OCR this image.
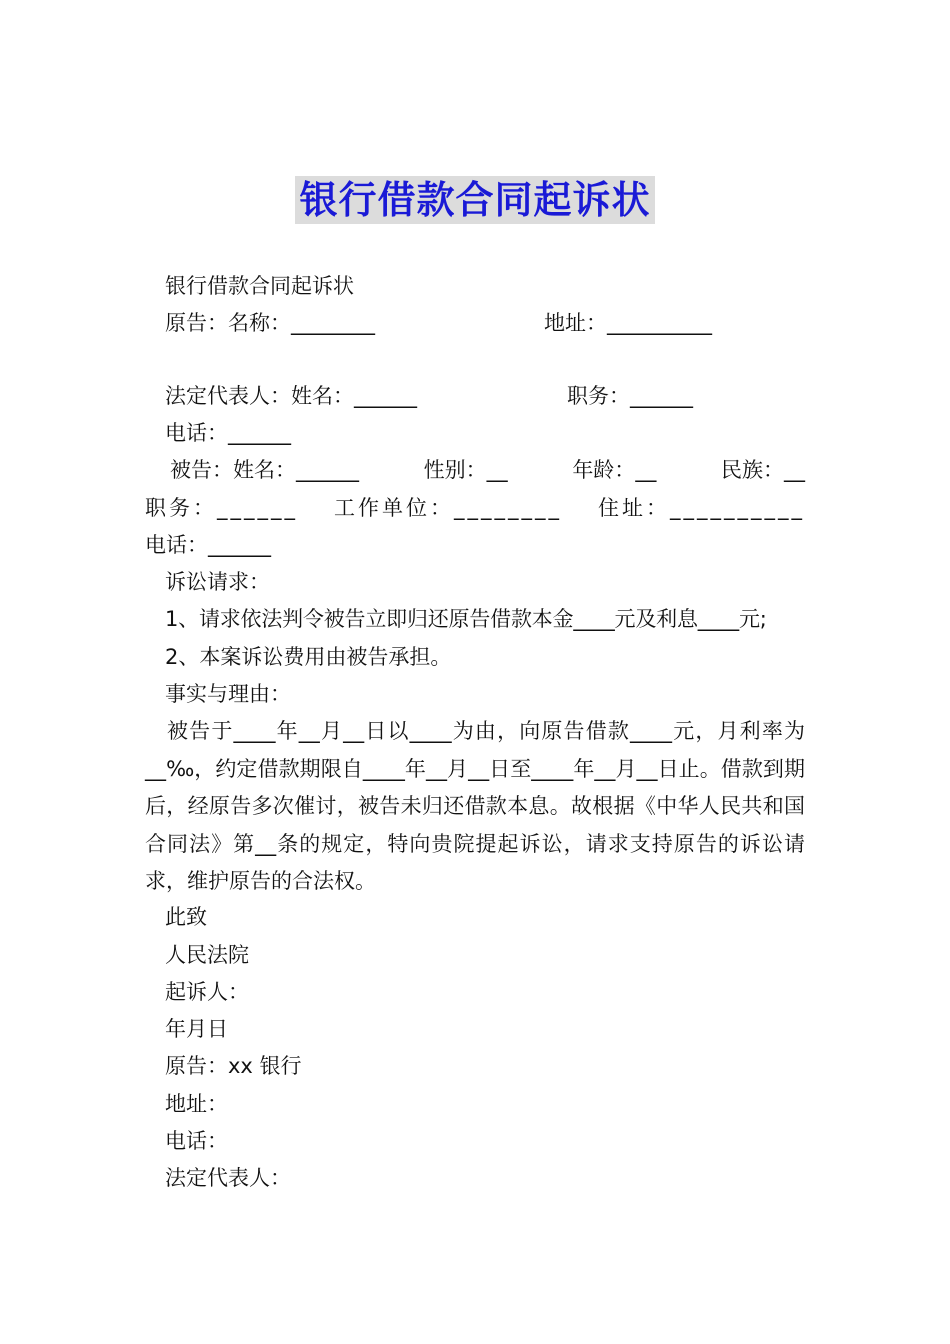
银行借款合同起诉状
银行借款合同起诉状
原告：名称：________	地址：__________
法定代表人：姓名：______	职务：______
电话：______
被告：姓名：______	性别：__	年龄：__	民族：__
职务：______ 工作单位：________ 住址：__________
电话：______
诉讼请求：
1、请求依法判令被告立即归还原告借款本金____元及利息____元;
2、本案诉讼费用由被告承担。
事实与理由：
被告于____年__月__日以____为由，向原告借款____元，月利率为__‰，约定借款期限自____年__月__日至____年__月__日止。借款到期后，经原告多次催讨，被告未归还借款本息。故根据《中华人民共和国合同法》第__条的规定，特向贵院提起诉讼，请求支持原告的诉讼请求，维护原告的合法权。
此致
人民法院
起诉人：
年月日
原告：xx 银行
地址：
电话：
法定代表人：
